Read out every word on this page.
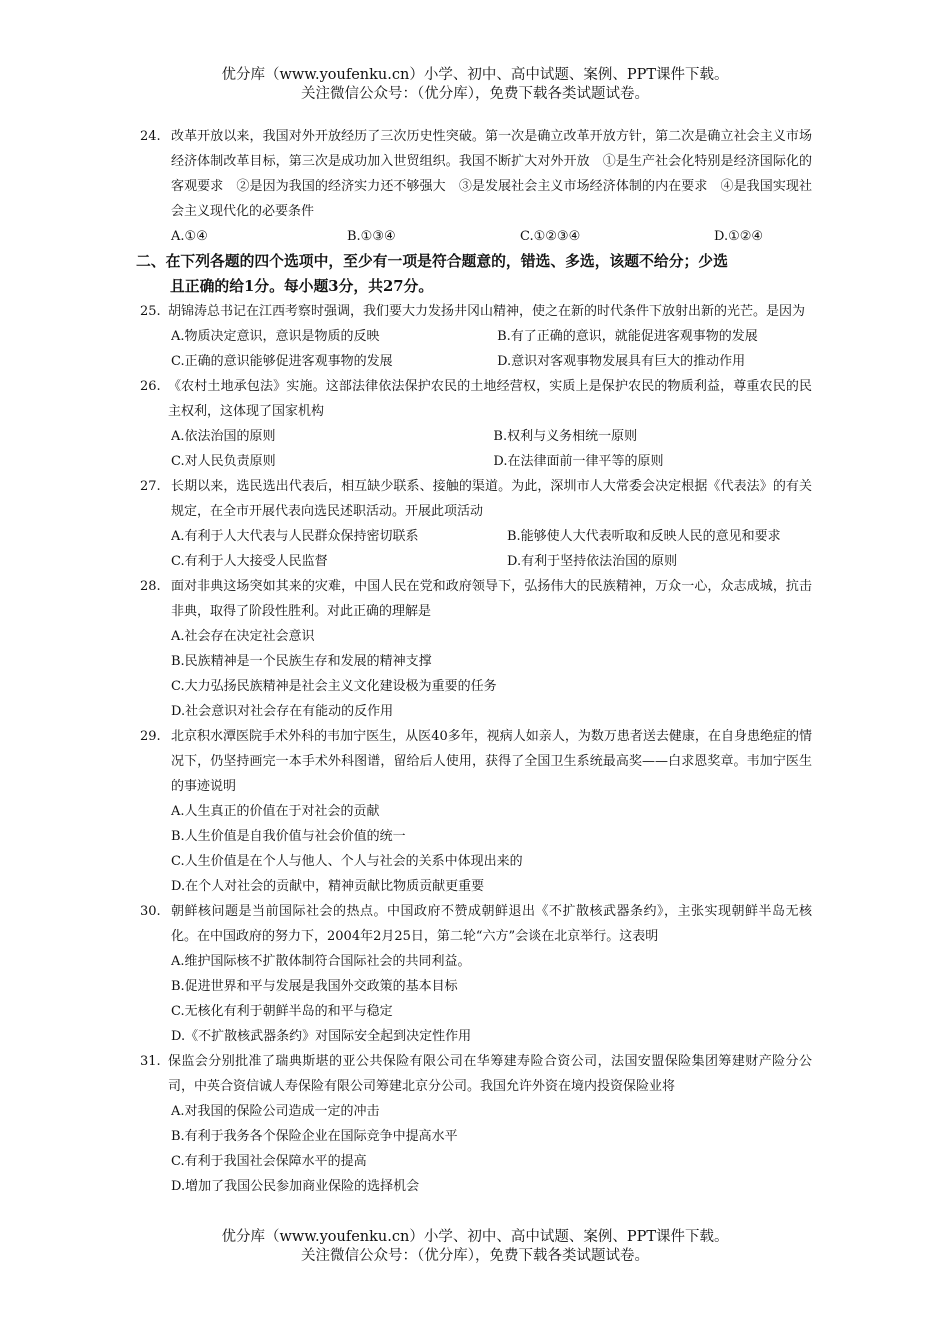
优分库（www.youfenku.cn）小学、初中、高中试题、案例、PPT课件下载。
关注微信公众号：（优分库），免费下载各类试题试卷。
24. 改革开放以来，我国对外开放经历了三次历史性突破。第一次是确立改革开放方针，第二次是确立社会主义市场经济体制改革目标，第三次是成功加入世贸组织。我国不断扩大对外开放　①是生产社会化特别是经济国际化的客观要求　②是因为我国的经济实力还不够强大　③是发展社会主义市场经济体制的内在要求　④是我国实现社会主义现代化的必要条件
A.①④	B.①③④	C.①②③④	D.①②④
二、在下列各题的四个选项中，至少有一项是符合题意的，错选、多选，该题不给分；少选
且正确的给1分。每小题3分，共27分。
25. 胡锦涛总书记在江西考察时强调，我们要大力发扬井冈山精神，使之在新的时代条件下放射出新的光芒。是因为
A.物质决定意识，意识是物质的反映	B.有了正确的意识，就能促进客观事物的发展
C.正确的意识能够促进客观事物的发展	D.意识对客观事物发展具有巨大的推动作用
26. 《农村土地承包法》实施。这部法律依法保护农民的土地经营权，实质上是保护农民的物质利益，尊重农民的民主权利，这体现了国家机构
A.依法治国的原则	B.权利与义务相统一原则
C.对人民负责原则	D.在法律面前一律平等的原则
27. 长期以来，选民选出代表后，相互缺少联系、接触的渠道。为此，深圳市人大常委会决定根据《代表法》的有关规定，在全市开展代表向选民述职活动。开展此项活动
A.有利于人大代表与人民群众保持密切联系	B.能够使人大代表听取和反映人民的意见和要求
C.有利于人大接受人民监督	D.有利于坚持依法治国的原则
28. 面对非典这场突如其来的灾难，中国人民在党和政府领导下，弘扬伟大的民族精神，万众一心，众志成城，抗击非典，取得了阶段性胜利。对此正确的理解是
A.社会存在决定社会意识
B.民族精神是一个民族生存和发展的精神支撑
C.大力弘扬民族精神是社会主义文化建设极为重要的任务
D.社会意识对社会存在有能动的反作用
29. 北京积水潭医院手术外科的韦加宁医生，从医40多年，视病人如亲人，为数万患者送去健康，在自身患绝症的情况下，仍坚持画完一本手术外科图谱，留给后人使用，获得了全国卫生系统最高奖——白求恩奖章。韦加宁医生的事迹说明
A.人生真正的价值在于对社会的贡献
B.人生价值是自我价值与社会价值的统一
C.人生价值是在个人与他人、个人与社会的关系中体现出来的
D.在个人对社会的贡献中，精神贡献比物质贡献更重要
30. 朝鲜核问题是当前国际社会的热点。中国政府不赞成朝鲜退出《不扩散核武器条约》，主张实现朝鲜半岛无核化。在中国政府的努力下，2004年2月25日，第二轮“六方”会谈在北京举行。这表明
A.维护国际核不扩散体制符合国际社会的共同利益。
B.促进世界和平与发展是我国外交政策的基本目标
C.无核化有利于朝鲜半岛的和平与稳定
D.《不扩散核武器条约》对国际安全起到决定性作用
31. 保监会分别批准了瑞典斯堪的亚公共保险有限公司在华筹建寿险合资公司，法国安盟保险集团筹建财产险分公司，中英合资信诚人寿保险有限公司筹建北京分公司。我国允许外资在境内投资保险业将
A.对我国的保险公司造成一定的冲击
B.有利于我务各个保险企业在国际竞争中提高水平
C.有利于我国社会保障水平的提高
D.增加了我国公民参加商业保险的选择机会
优分库（www.youfenku.cn）小学、初中、高中试题、案例、PPT课件下载。
关注微信公众号：（优分库），免费下载各类试题试卷。
